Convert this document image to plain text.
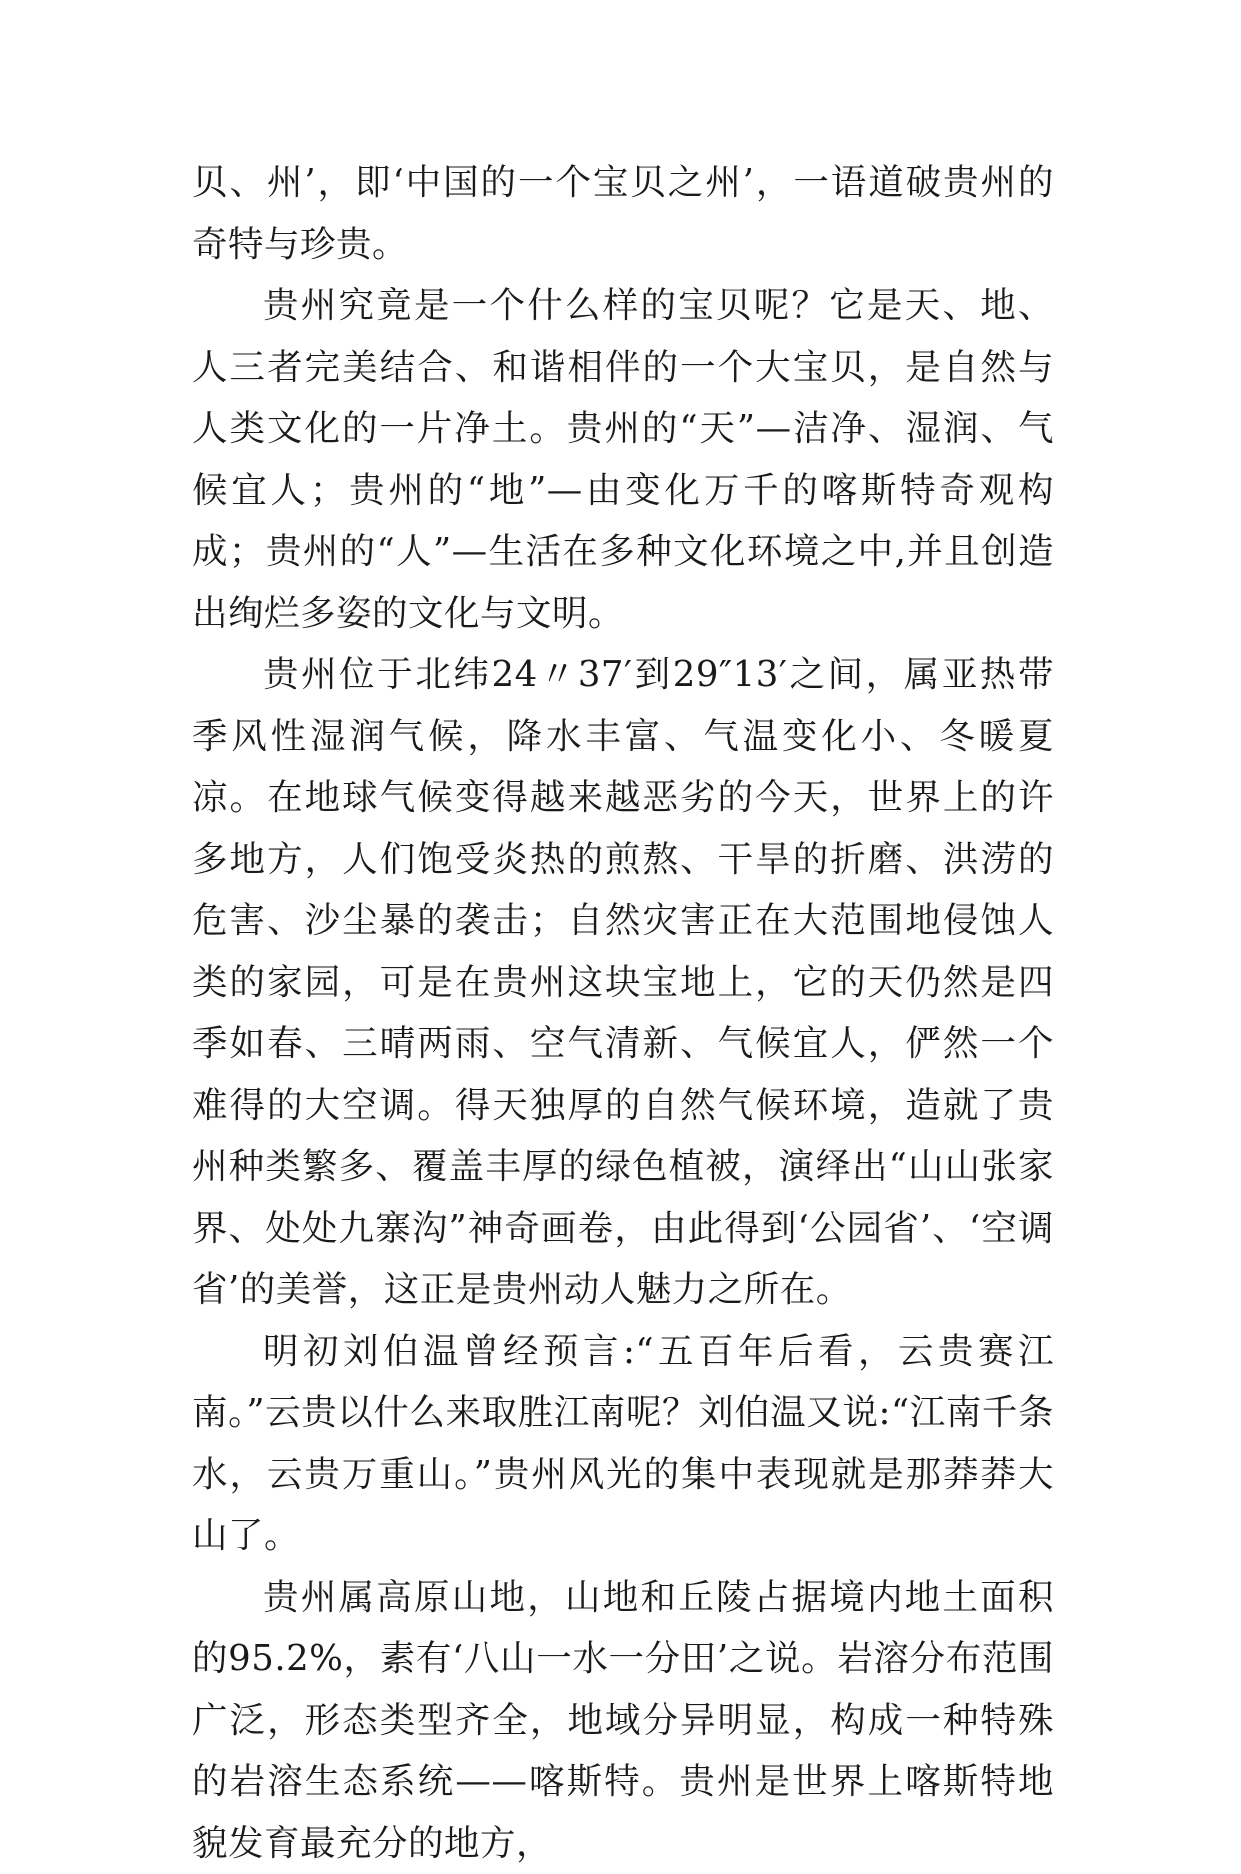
贝、州’，即‘中国的一个宝贝之州’，一语道破贵州的奇特与珍贵。

贵州究竟是一个什么样的宝贝呢？它是天、地、人三者完美结合、和谐相伴的一个大宝贝，是自然与人类文化的一片净土。贵州的“天”—洁净、湿润、气候宜人；贵州的“地”—由变化万千的喀斯特奇观构成；贵州的“人”—生活在多种文化环境之中,并且创造出绚烂多姿的文化与文明。

贵州位于北纬24〃37′到29″13′之间，属亚热带季风性湿润气候，降水丰富、气温变化小、冬暖夏凉。在地球气候变得越来越恶劣的今天，世界上的许多地方，人们饱受炎热的煎熬、干旱的折磨、洪涝的危害、沙尘暴的袭击；自然灾害正在大范围地侵蚀人类的家园，可是在贵州这块宝地上，它的天仍然是四季如春、三晴两雨、空气清新、气候宜人，俨然一个难得的大空调。得天独厚的自然气候环境，造就了贵州种类繁多、覆盖丰厚的绿色植被，演绎出“山山张家界、处处九寨沟”神奇画卷，由此得到‘公园省’、‘空调省’的美誉，这正是贵州动人魅力之所在。

明初刘伯温曾经预言:“五百年后看，云贵赛江南。”云贵以什么来取胜江南呢？刘伯温又说:“江南千条水，云贵万重山。”贵州风光的集中表现就是那莽莽大山了。

贵州属高原山地，山地和丘陵占据境内地土面积的95.2%，素有‘八山一水一分田’之说。岩溶分布范围广泛，形态类型齐全，地域分异明显，构成一种特殊的岩溶生态系统——喀斯特。贵州是世界上喀斯特地貌发育最充分的地方，
